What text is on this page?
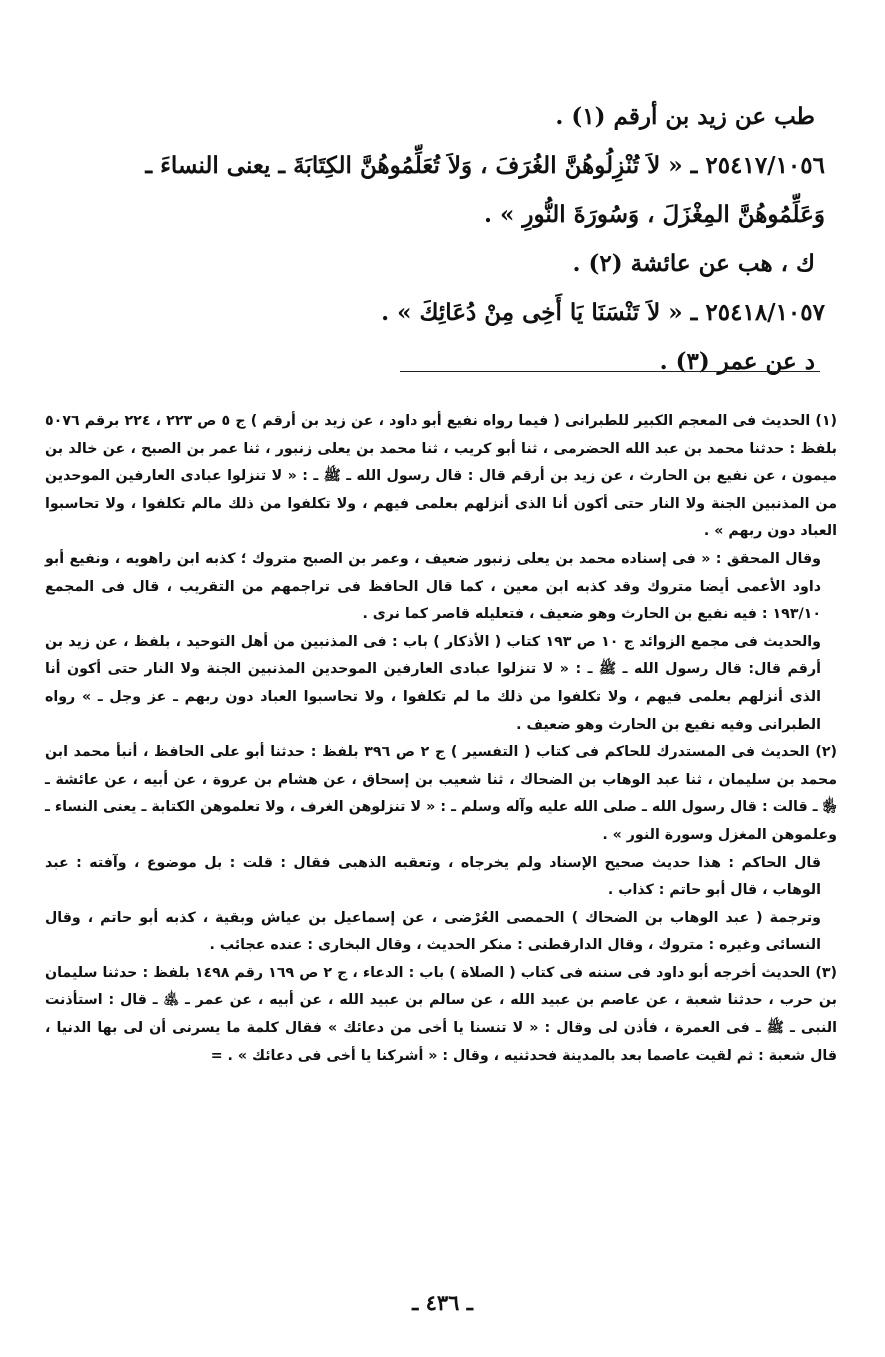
طب عن زيد بن أرقم (١) .

٢٥٤١٧/١٠٥٦ ـ « لاَ تُنْزِلُوهُنَّ الغُرَفَ ، وَلاَ تُعَلِّمُوهُنَّ الكِتَابَةَ ـ يعنى النساءَ ـ

وَعَلِّمُوهُنَّ المِغْزَلَ ، وَسُورَةَ النُّورِ » .

ك ، هب عن عائشة (٢) .

٢٥٤١٨/١٠٥٧ ـ « لاَ تَنْسَنَا يَا أَخِى مِنْ دُعَائِكَ » .

د عن عمر (٣) .

(١) الحديث فى المعجم الكبير للطبرانى ( فيما رواه نفيع أبو داود ، عن زيد بن أرقم ) ج ٥ ص ٢٢٣ ، ٢٢٤ برقم ٥٠٧٦ بلفظ : حدثنا محمد بن عبد الله الحضرمى ، ثنا أبو كريب ، ثنا محمد بن يعلى زنبور ، ثنا عمر بن الصبح ، عن خالد بن ميمون ، عن نفيع بن الحارث ، عن زيد بن أرقم قال : قال رسول الله ـ ﷺ ـ : « لا تنزلوا عبادى العارفين الموحدين من المذنبين الجنة ولا النار حتى أكون أنا الذى أنزلهم بعلمى فيهم ، ولا تكلفوا من ذلك مالم تكلفوا ، ولا تحاسبوا العباد دون ربهم » .

وقال المحقق : « فى إسناده محمد بن يعلى زنبور ضعيف ، وعمر بن الصبح متروك ؛ كذبه ابن راهويه ، ونفيع أبو داود الأعمى أيضا متروك وقد كذبه ابن معين ، كما قال الحافظ فى تراجمهم من التقريب ، قال فى المجمع ١٩٣/١٠ : فيه نفيع بن الحارث وهو ضعيف ، فتعليله قاصر كما نرى .

والحديث فى مجمع الزوائد ج ١٠ ص ١٩٣ كتاب ( الأذكار ) باب : فى المذنبين من أهل التوحيد ، بلفظ ، عن زيد بن أرقم قال: قال رسول الله ـ ﷺ ـ : « لا تنزلوا عبادى العارفين الموحدين المذنبين الجنة ولا النار حتى أكون أنا الذى أنزلهم بعلمى فيهم ، ولا تكلفوا من ذلك ما لم تكلفوا ، ولا تحاسبوا العباد دون ربهم ـ عز وجل ـ » رواه الطبرانى وفيه نفيع بن الحارث وهو ضعيف .

(٢) الحديث فى المستدرك للحاكم فى كتاب ( التفسير ) ج ٢ ص ٣٩٦ بلفظ : حدثنا أبو على الحافظ ، أنبأ محمد ابن محمد بن سليمان ، ثنا عبد الوهاب بن الضحاك ، ثنا شعيب بن إسحاق ، عن هشام بن عروة ، عن أبيه ، عن عائشة ـ ﵂ ـ قالت : قال رسول الله ـ صلى الله عليه وآله وسلم ـ : « لا تنزلوهن الغرف ، ولا تعلموهن الكتابة ـ يعنى النساء ـ وعلموهن المغزل وسورة النور » .

قال الحاكم : هذا حديث صحيح الإسناد ولم يخرجاه ، وتعقبه الذهبى فقال : قلت : بل موضوع ، وآفته : عبد الوهاب ، قال أبو حاتم : كذاب .

وترجمة ( عبد الوهاب بن الضحاك ) الحمصى العُرْضى ، عن إسماعيل بن عياش وبقية ، كذبه أبو حاتم ، وقال النسائى وغيره : متروك ، وقال الدارقطنى : منكر الحديث ، وقال البخارى : عنده عجائب .

(٣) الحديث أخرجه أبو داود فى سننه فى كتاب ( الصلاة ) باب : الدعاء ، ج ٢ ص ١٦٩ رقم ١٤٩٨ بلفظ : حدثنا سليمان بن حرب ، حدثنا شعبة ، عن عاصم بن عبيد الله ، عن سالم بن عبيد الله ، عن أبيه ، عن عمر ـ ﵁ ـ قال : استأذنت النبى ـ ﷺ ـ فى العمرة ، فأذن لى وقال : « لا تنسنا يا أخى من دعائك » فقال كلمة ما يسرنى أن لى بها الدنيا ، قال شعبة : ثم لقيت عاصما بعد بالمدينة فحدثنيه ، وقال : « أشركنا يا أخى فى دعائك » . =

ـ ٤٣٦ ـ
